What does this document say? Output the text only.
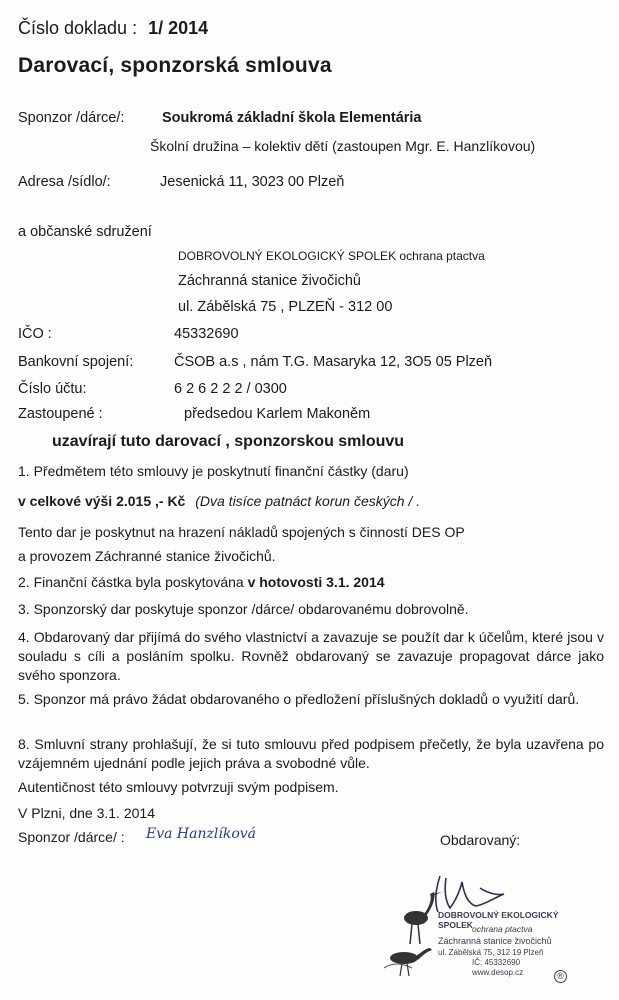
Číslo dokladu : 1/ 2014
Darovací, sponzorská smlouva
Sponzor /dárce/:	Soukromá základní škola Elementária
Školní družina – kolektiv dětí (zastoupen Mgr. E. Hanzlíkovou)
Adresa /sídlo/:	Jesenická 11, 3023 00 Plzeň
a občanské sdružení
DOBROVOLNÝ EKOLOGICKÝ SPOLEK ochrana ptactva
Záchranná stanice živočichů
ul. Zábělská 75 , PLZEŇ - 312 00
IČO :	45332690
Bankovní spojení:	ČSOB a.s , nám T.G. Masaryka 12, 3O5 05 Plzeň
Číslo účtu:	6 2 6 2 2 2 / 0300
Zastoupené :	předsedou Karlem Makoněm
uzavírají tuto darovací , sponzorskou smlouvu
1. Předmětem této smlouvy je poskytnutí finanční částky (daru)
v celkové výši 2.015 ,- Kč (Dva tisíce patnáct korun českých / .
Tento dar je poskytnut na hrazení nákladů spojených s činností DES OP
a provozem Záchranné stanice živočichů.
2. Finanční částka byla poskytována v hotovosti 3.1. 2014
3. Sponzorský dar poskytuje sponzor /dárce/ obdarovanému dobrovolně.
4. Obdarovaný dar přijímá do svého vlastnictví a zavazuje se použít dar k účelům, které jsou v souladu s cíli a posláním spolku. Rovněž obdarovaný se zavazuje propagovat dárce jako svého sponzora.
5. Sponzor má právo žádat obdarovaného o předložení příslušných dokladů o využití darů.
8. Smluvní strany prohlašují, že si tuto smlouvu před podpisem přečetly, že byla uzavřena po vzájemném ujednání podle jejich práva a svobodné vůle.
Autentičnost této smlouvy potvrzuji svým podpisem.
V Plzni, dne 3.1. 2014
Sponzor /dárce/ : Eva Hanzlíková	Obdarovaný:
DOBROVOLNÝ EKOLOGICKÝ SPOLEK ochrana ptactva
Záchranná stanice živočichů
ul. Zábělská 75, 312 19 Plzeň
IČ: 45332690
www.desop.cz	®
